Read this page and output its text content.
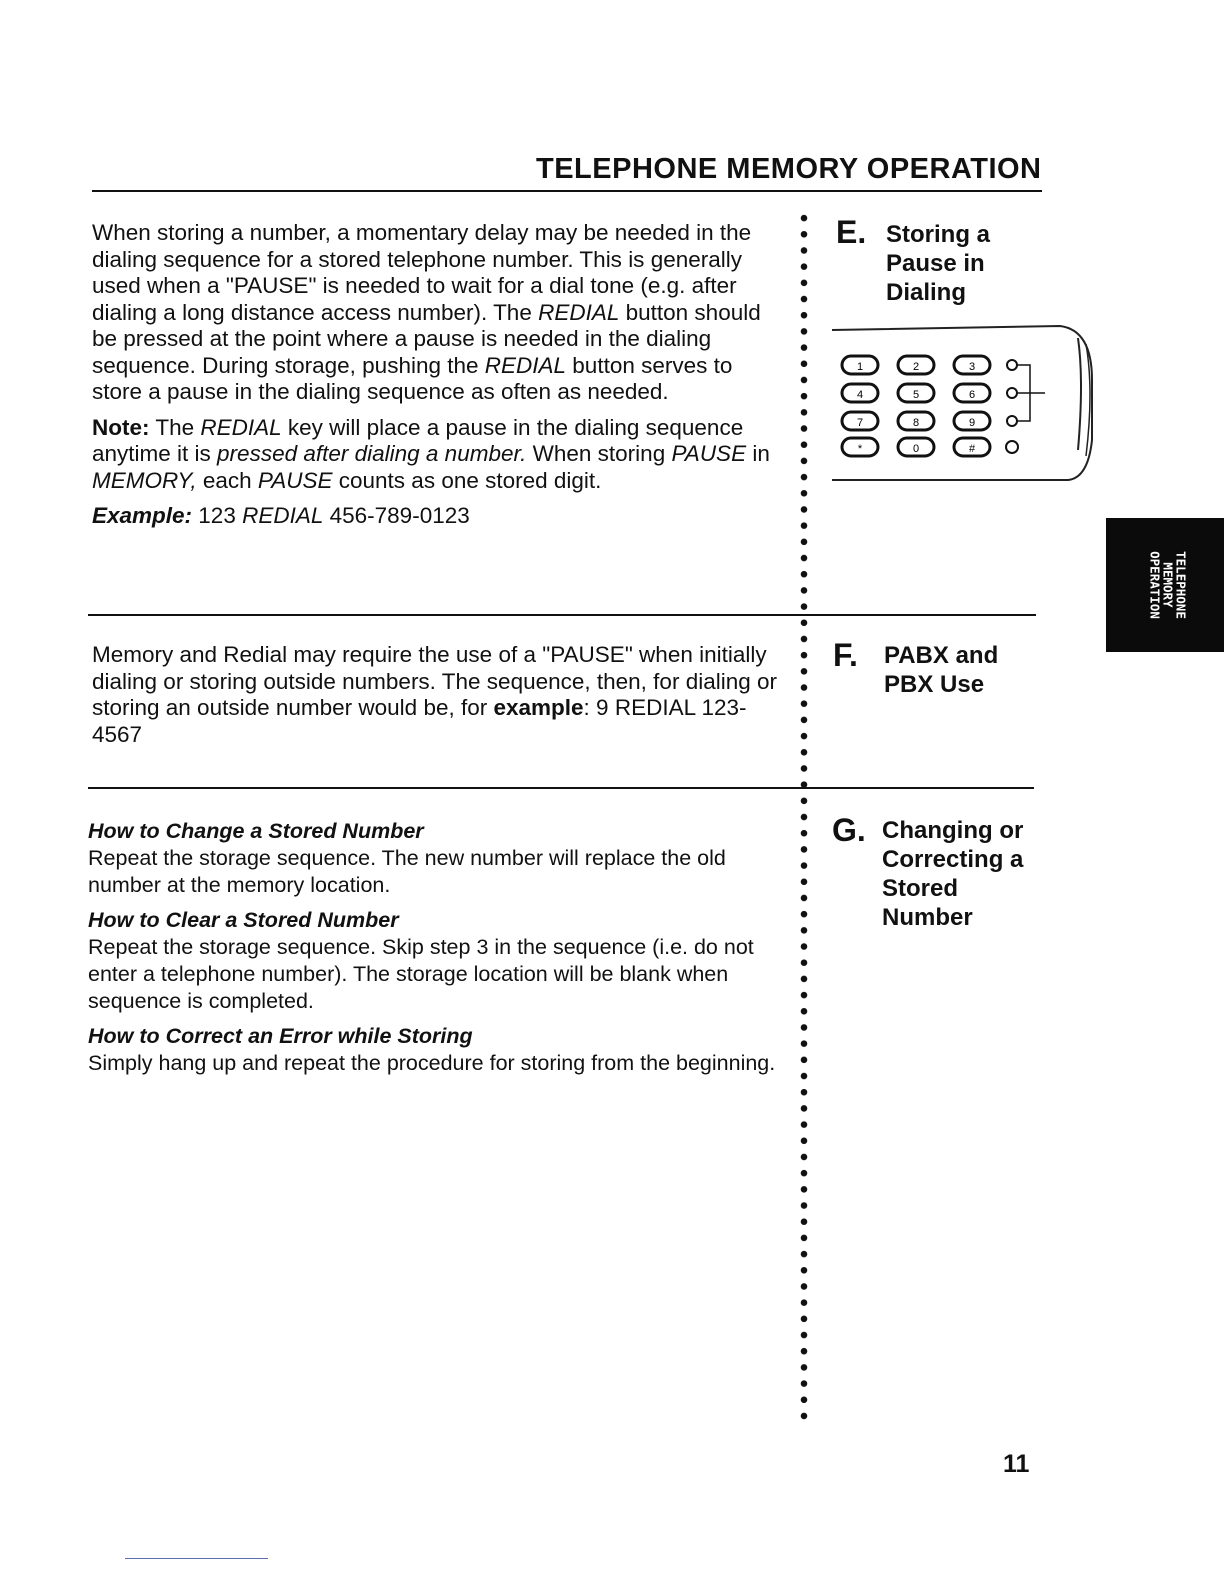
TELEPHONE MEMORY OPERATION

When storing a number, a momentary delay may be needed in the dialing sequence for a stored telephone number. This is generally used when a "PAUSE" is needed to wait for a dial tone (e.g. after dialing a long distance access number). The REDIAL button should be pressed at the point where a pause is needed in the dialing sequence. During storage, pushing the REDIAL button serves to store a pause in the dialing sequence as often as needed.

Note: The REDIAL key will place a pause in the dialing sequence anytime it is pressed after dialing a number. When storing PAUSE in MEMORY, each PAUSE counts as one stored digit.

Example: 123 REDIAL 456-789-0123

E. Storing a
Pause in
Dialing
1	2	3
4	5	6
7	8	9
*	0	#

Memory and Redial may require the use of a "PAUSE" when initially dialing or storing outside numbers. The sequence, then, for dialing or storing an outside number would be, for example: 9 REDIAL 123-4567

F. PABX and
PBX Use

How to Change a Stored Number
Repeat the storage sequence. The new number will replace the old number at the memory location.

How to Clear a Stored Number
Repeat the storage sequence. Skip step 3 in the sequence (i.e. do not enter a telephone number). The storage location will be blank when sequence is completed.

How to Correct an Error while Storing
Simply hang up and repeat the procedure for storing from the beginning.

G. Changing or
Correcting a
Stored
Number
TELEPHONE
MEMORY
OPERATION
11
